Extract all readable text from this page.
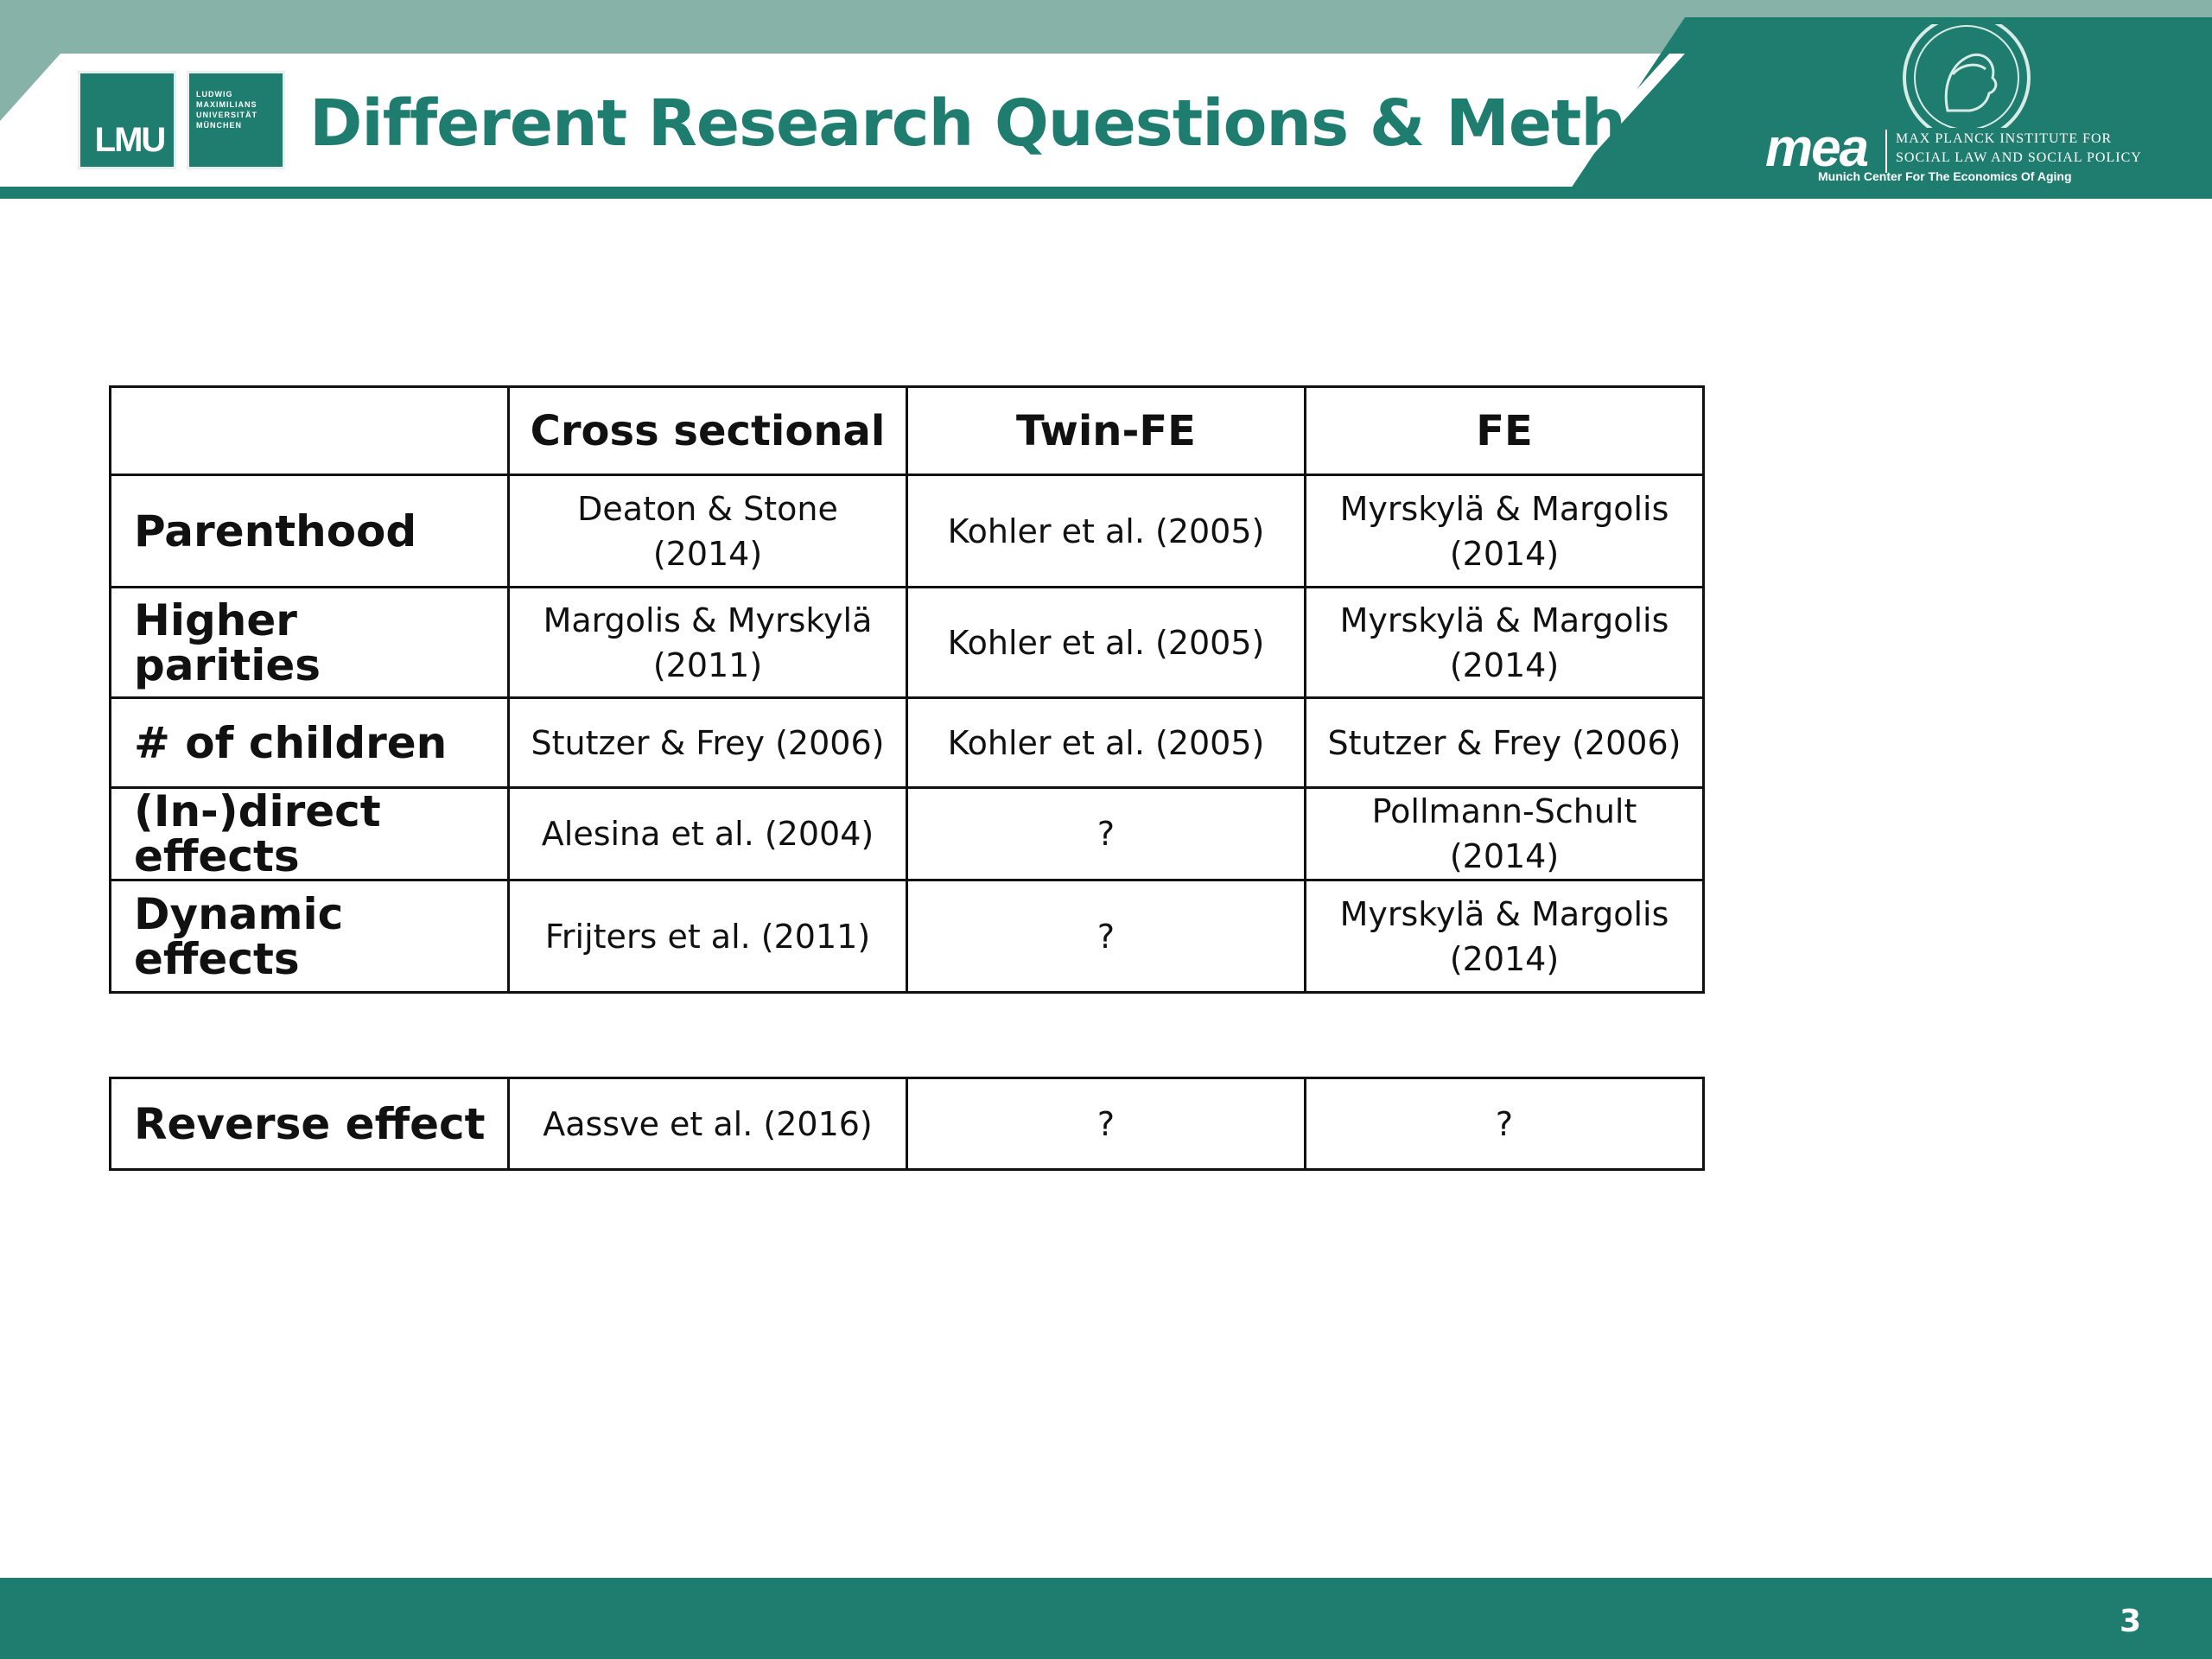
LMU
LUDWIG
MAXIMILIANS
UNIVERSITÄT
MÜNCHEN	Different Research Questions & Methods mea MAX PLANCK INSTITUTE FOR
SOCIAL LAW AND SOCIAL POLICY
Munich Center For The Economics Of Aging
	Cross sectional	Twin-FE	FE
Parenthood	Deaton & Stone (2014)	Kohler et al. (2005)	Myrskylä & Margolis (2014)
Higher parities	Margolis & Myrskylä (2011)	Kohler et al. (2005)	Myrskylä & Margolis (2014)
# of children	Stutzer & Frey (2006)	Kohler et al. (2005)	Stutzer & Frey (2006)
(In-)direct effects	Alesina et al. (2004)	?	Pollmann-Schult (2014)
Dynamic effects	Frijters et al. (2011)	?	Myrskylä & Margolis (2014)
Reverse effect	Aassve et al. (2016)	?	?
3
